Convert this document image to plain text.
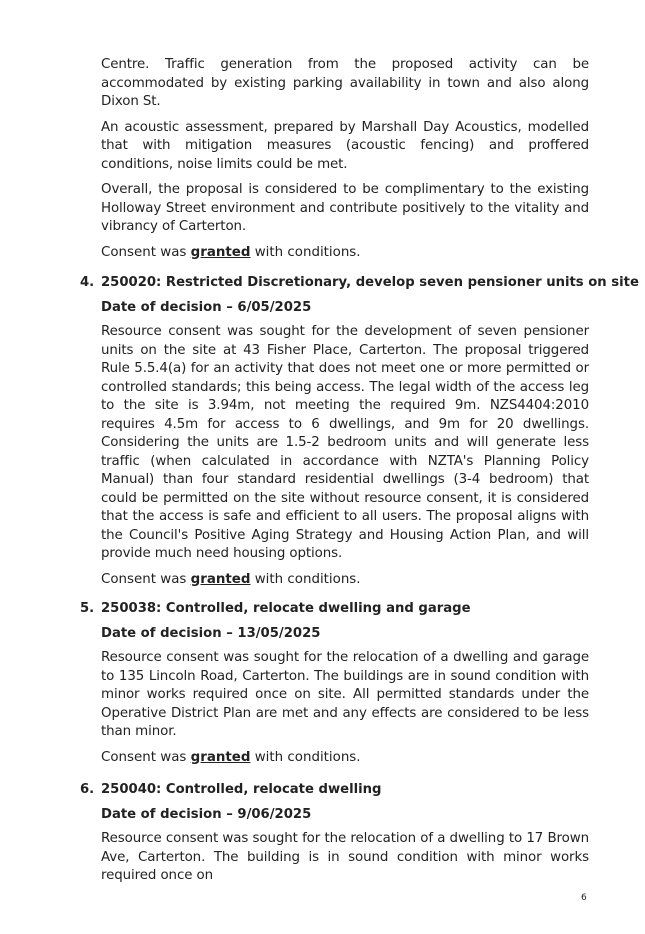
Centre. Traffic generation from the proposed activity can be accommodated by existing parking availability in town and also along Dixon St.

An acoustic assessment, prepared by Marshall Day Acoustics, modelled that with mitigation measures (acoustic fencing) and proffered conditions, noise limits could be met.

Overall, the proposal is considered to be complimentary to the existing Holloway Street environment and contribute positively to the vitality and vibrancy of Carterton.

Consent was granted with conditions.

4. 250020: Restricted Discretionary, develop seven pensioner units on site
Date of decision – 6/05/2025

Resource consent was sought for the development of seven pensioner units on the site at 43 Fisher Place, Carterton. The proposal triggered Rule 5.5.4(a) for an activity that does not meet one or more permitted or controlled standards; this being access. The legal width of the access leg to the site is 3.94m, not meeting the required 9m. NZS4404:2010 requires 4.5m for access to 6 dwellings, and 9m for 20 dwellings. Considering the units are 1.5-2 bedroom units and will generate less traffic (when calculated in accordance with NZTA's Planning Policy Manual) than four standard residential dwellings (3-4 bedroom) that could be permitted on the site without resource consent, it is considered that the access is safe and efficient to all users. The proposal aligns with the Council's Positive Aging Strategy and Housing Action Plan, and will provide much need housing options.

Consent was granted with conditions.

5. 250038: Controlled, relocate dwelling and garage
Date of decision – 13/05/2025

Resource consent was sought for the relocation of a dwelling and garage to 135 Lincoln Road, Carterton. The buildings are in sound condition with minor works required once on site. All permitted standards under the Operative District Plan are met and any effects are considered to be less than minor.

Consent was granted with conditions.

6. 250040: Controlled, relocate dwelling
Date of decision – 9/06/2025

Resource consent was sought for the relocation of a dwelling to 17 Brown Ave, Carterton. The building is in sound condition with minor works required once on

6
